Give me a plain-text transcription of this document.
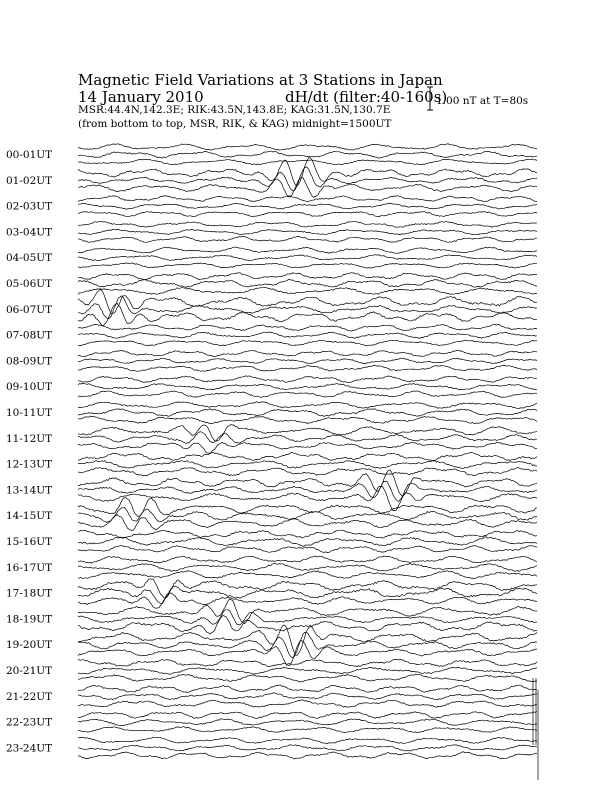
Magnetic Field Variations at 3 Stations in Japan
14 January 2010	dH/dt (filter:40-160s)
MSR:44.4N,142.3E; RIK:43.5N,143.8E; KAG:31.5N,130.7E
(from bottom to top, MSR, RIK, & KAG) midnight=1500UT
1.00 nT at T=80s
00-01UT
01-02UT
02-03UT
03-04UT
04-05UT
05-06UT
06-07UT
07-08UT
08-09UT
09-10UT
10-11UT
11-12UT
12-13UT
13-14UT
14-15UT
15-16UT
16-17UT
17-18UT
18-19UT
19-20UT
20-21UT
21-22UT
22-23UT
23-24UT
